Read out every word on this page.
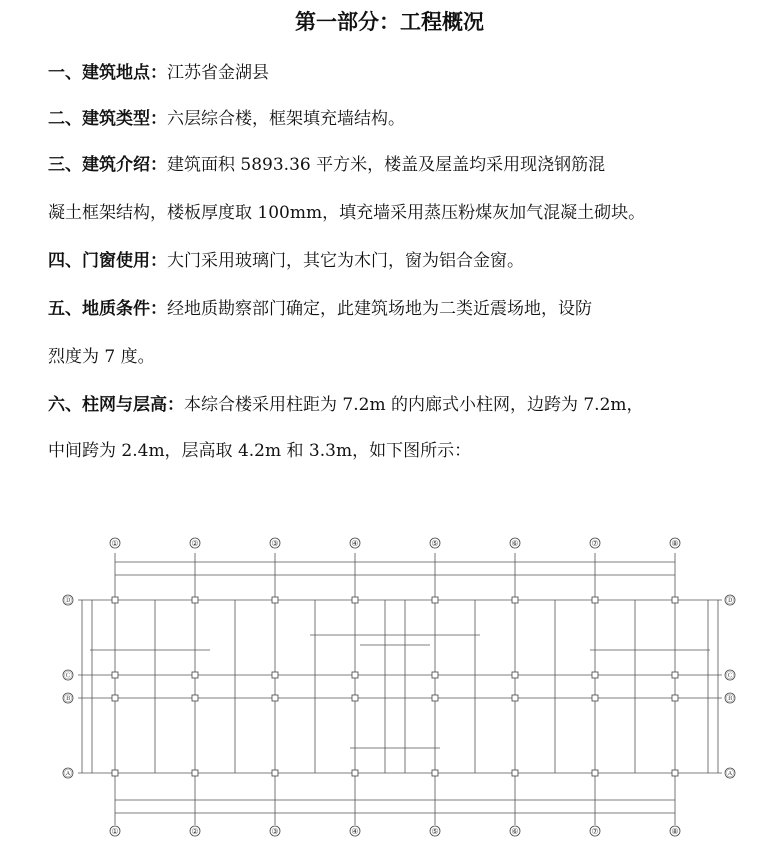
第一部分：工程概况
一、建筑地点：江苏省金湖县
二、建筑类型：六层综合楼，框架填充墙结构。
三、建筑介绍：建筑面积 5893.36 平方米，楼盖及屋盖均采用现浇钢筋混
凝土框架结构，楼板厚度取 100mm，填充墙采用蒸压粉煤灰加气混凝土砌块。
四、门窗使用：大门采用玻璃门，其它为木门，窗为铝合金窗。
五、地质条件：经地质勘察部门确定，此建筑场地为二类近震场地，设防
烈度为 7 度。
六、柱网与层高：本综合楼采用柱距为 7.2m 的内廊式小柱网，边跨为 7.2m，
中间跨为 2.4m，层高取 4.2m 和 3.3m，如下图所示：
①
①
②
②
③
③
④
④
⑤
⑤
⑥
⑥
⑦
⑦
⑧
⑧
Ⓓ	Ⓓ
Ⓒ	Ⓒ
Ⓑ	Ⓑ
Ⓐ	Ⓐ
